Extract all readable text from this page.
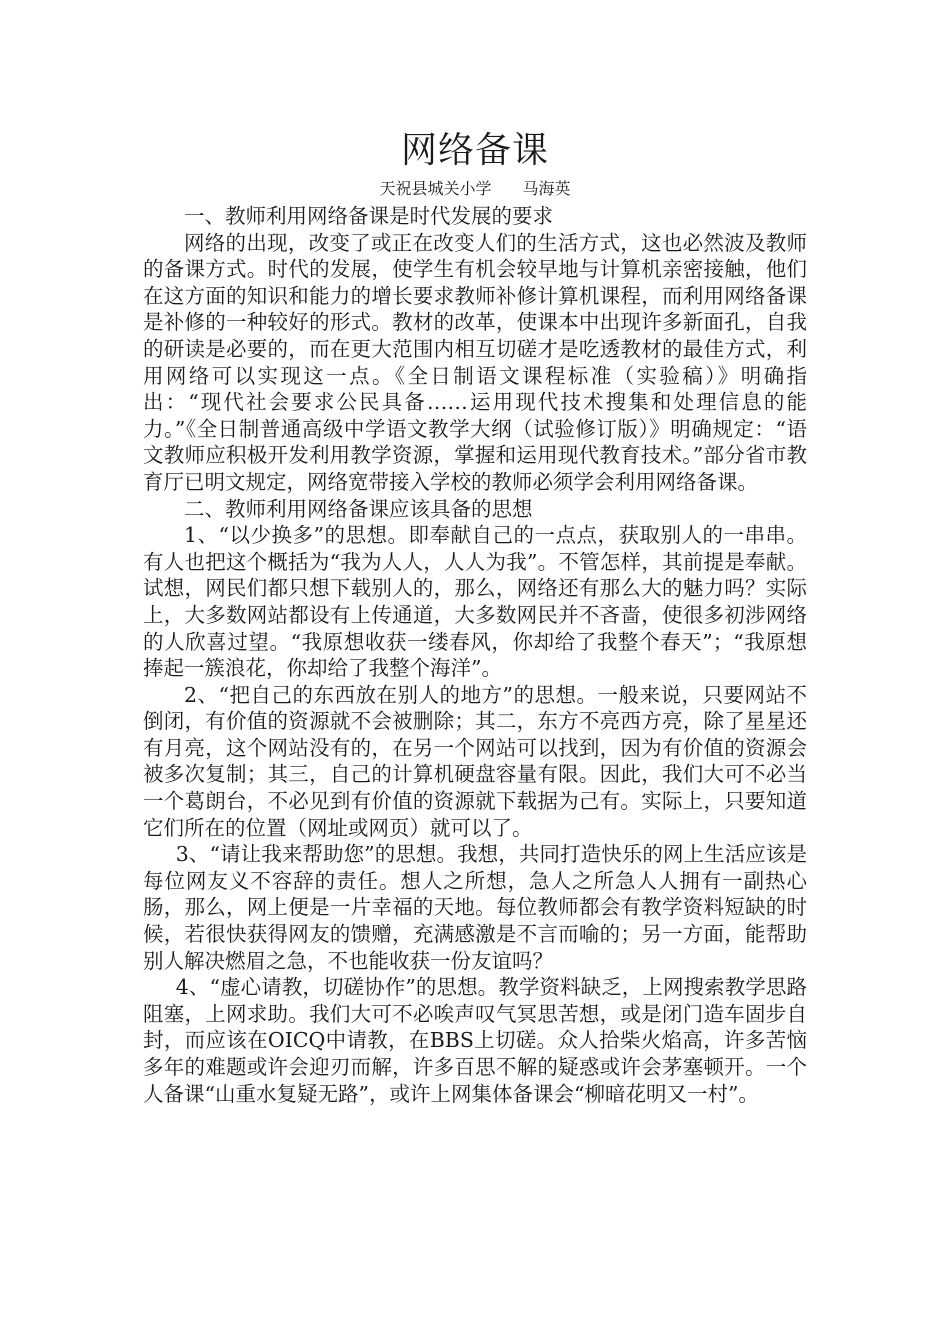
网络备课
天祝县城关小学 马海英

一、教师利用网络备课是时代发展的要求

网络的出现，改变了或正在改变人们的生活方式，这也必然波及教师的备课方式。时代的发展，使学生有机会较早地与计算机亲密接触，他们在这方面的知识和能力的增长要求教师补修计算机课程，而利用网络备课是补修的一种较好的形式。教材的改革，使课本中出现许多新面孔，自我的研读是必要的，而在更大范围内相互切磋才是吃透教材的最佳方式，利用网络可以实现这一点。《全日制语文课程标准（实验稿）》明确指出：“现代社会要求公民具备……运用现代技术搜集和处理信息的能力。”《全日制普通高级中学语文教学大纲（试验修订版）》明确规定：“语文教师应积极开发利用教学资源，掌握和运用现代教育技术。”部分省市教育厅已明文规定，网络宽带接入学校的教师必须学会利用网络备课。

二、教师利用网络备课应该具备的思想

1、“以少换多”的思想。即奉献自己的一点点，获取别人的一串串。有人也把这个概括为“我为人人，人人为我”。不管怎样，其前提是奉献。试想，网民们都只想下载别人的，那么，网络还有那么大的魅力吗？实际上，大多数网站都设有上传通道，大多数网民并不吝啬，使很多初涉网络的人欣喜过望。“我原想收获一缕春风，你却给了我整个春天”；“我原想捧起一簇浪花，你却给了我整个海洋”。

2、“把自己的东西放在别人的地方”的思想。一般来说，只要网站不倒闭，有价值的资源就不会被删除；其二，东方不亮西方亮，除了星星还有月亮，这个网站没有的，在另一个网站可以找到，因为有价值的资源会被多次复制；其三，自己的计算机硬盘容量有限。因此，我们大可不必当一个葛朗台，不必见到有价值的资源就下载据为己有。实际上，只要知道它们所在的位置（网址或网页）就可以了。

3、“请让我来帮助您”的思想。我想，共同打造快乐的网上生活应该是每位网友义不容辞的责任。想人之所想，急人之所急人人拥有一副热心肠，那么，网上便是一片幸福的天地。每位教师都会有教学资料短缺的时候，若很快获得网友的馈赠，充满感激是不言而喻的；另一方面，能帮助别人解决燃眉之急，不也能收获一份友谊吗？

4、“虚心请教，切磋协作”的思想。教学资料缺乏，上网搜索教学思路阻塞，上网求助。我们大可不必唉声叹气冥思苦想，或是闭门造车固步自封，而应该在OICQ中请教，在BBS上切磋。众人拾柴火焰高，许多苦恼多年的难题或许会迎刃而解，许多百思不解的疑惑或许会茅塞顿开。一个人备课“山重水复疑无路”，或许上网集体备课会“柳暗花明又一村”。
